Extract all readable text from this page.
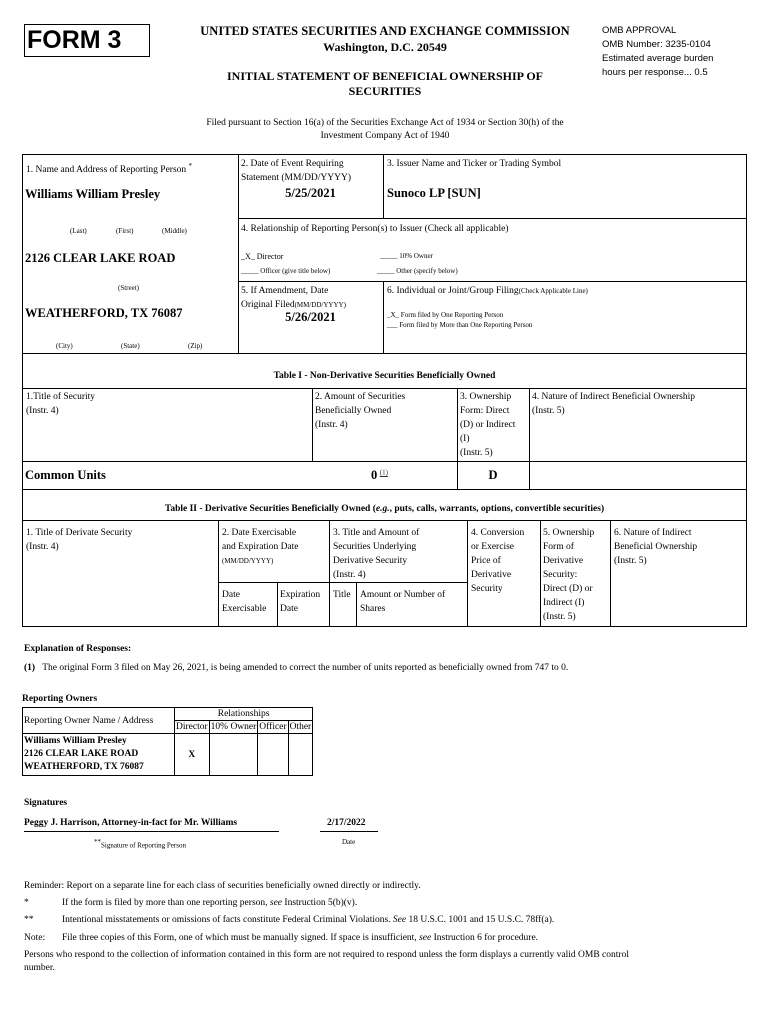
FORM 3	UNITED STATES SECURITIES AND EXCHANGE COMMISSION
Washington, D.C. 20549
INITIAL STATEMENT OF BENEFICIAL OWNERSHIP OF
SECURITIES
OMB APPROVAL
OMB Number: 3235-0104
Estimated average burden
hours per response... 0.5
Filed pursuant to Section 16(a) of the Securities Exchange Act of 1934 or Section 30(h) of the
Investment Company Act of 1940
1. Name and Address of Reporting Person *
Williams William Presley
(Last)	(First)	(Middle)
2126 CLEAR LAKE ROAD
(Street)
WEATHERFORD, TX 76087
(City)	(State)	(Zip)
2. Date of Event Requiring
Statement (MM/DD/YYYY)
5/25/2021
3. Issuer Name and Ticker or Trading Symbol
Sunoco LP [SUN]
4. Relationship of Reporting Person(s) to Issuer (Check all applicable)
_X_ Director	_____ 10% Owner
_____ Officer (give title below)	_____ Other (specify below)
5. If Amendment, Date
Original Filed(MM/DD/YYYY)
5/26/2021
6. Individual or Joint/Group Filing(Check Applicable Line)
_X_ Form filed by One Reporting Person
___ Form filed by More than One Reporting Person
Table I - Non-Derivative Securities Beneficially Owned
1.Title of Security
(Instr. 4)
2. Amount of Securities
Beneficially Owned
(Instr. 4)
3. Ownership
Form: Direct
(D) or Indirect
(I)
(Instr. 5)
4. Nature of Indirect Beneficial Ownership
(Instr. 5)
Common Units	0 $^{(1)}$	D
Table II - Derivative Securities Beneficially Owned (e.g., puts, calls, warrants, options, convertible securities)
1. Title of Derivate Security
(Instr. 4)
2. Date Exercisable
and Expiration Date
(MM/DD/YYYY)
3. Title and Amount of
Securities Underlying
Derivative Security
(Instr. 4)
4. Conversion
or Exercise
Price of
Derivative
Security
5. Ownership
Form of
Derivative
Security:
Direct (D) or
Indirect (I)
(Instr. 5)
6. Nature of Indirect
Beneficial Ownership
(Instr. 5)
Date
Exercisable
Expiration
Date
Title Amount or Number of
Shares
Explanation of Responses:
(1) The original Form 3 filed on May 26, 2021, is being amended to correct the number of units reported as beneficially owned from 747 to 0.
Reporting Owners
Reporting Owner Name / Address	Relationships			
	Director	10% Owner	Officer	Other

Williams William Presley
2126 CLEAR LAKE ROAD
WEATHERFORD, TX 76087	X			
Signatures
Peggy J. Harrison, Attorney-in-fact for Mr. Williams	2/17/2022
**Signature of Reporting Person	Date
Reminder: Report on a separate line for each class of securities beneficially owned directly or indirectly.
*	If the form is filed by more than one reporting person, see Instruction 5(b)(v).
**	Intentional misstatements or omissions of facts constitute Federal Criminal Violations. See 18 U.S.C. 1001 and 15 U.S.C. 78ff(a).
Note: File three copies of this Form, one of which must be manually signed. If space is insufficient, see Instruction 6 for procedure.
Persons who respond to the collection of information contained in this form are not required to respond unless the form displays a currently valid OMB control
number.
